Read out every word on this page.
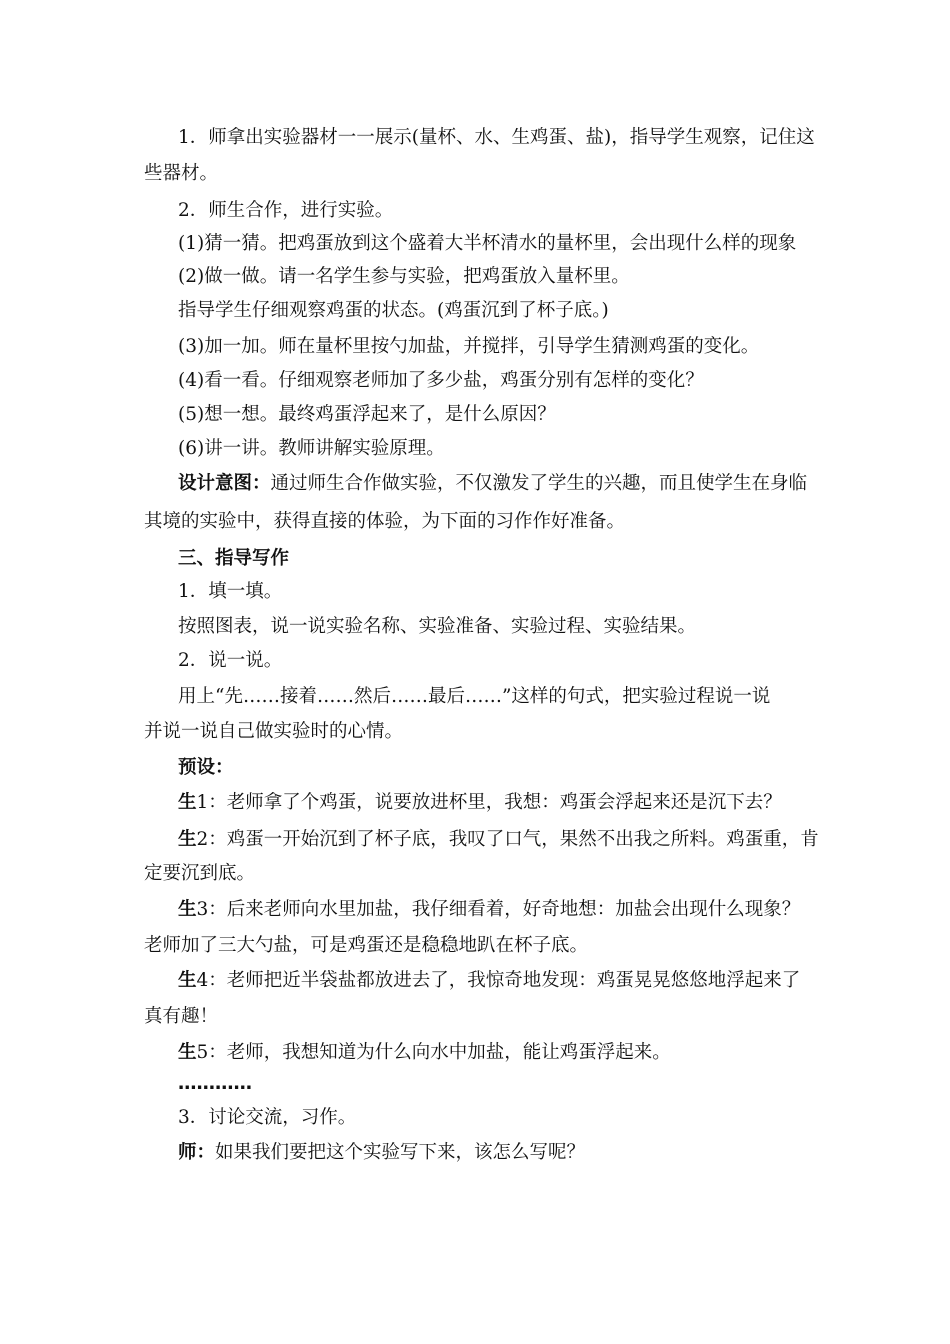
1．师拿出实验器材一一展示(量杯、水、生鸡蛋、盐)，指导学生观察，记住这
些器材。
2．师生合作，进行实验。
(1)猜一猜。把鸡蛋放到这个盛着大半杯清水的量杯里，会出现什么样的现象
(2)做一做。请一名学生参与实验，把鸡蛋放入量杯里。
指导学生仔细观察鸡蛋的状态。(鸡蛋沉到了杯子底。)
(3)加一加。师在量杯里按勺加盐，并搅拌，引导学生猜测鸡蛋的变化。
(4)看一看。仔细观察老师加了多少盐，鸡蛋分别有怎样的变化？
(5)想一想。最终鸡蛋浮起来了，是什么原因？
(6)讲一讲。教师讲解实验原理。
设计意图：通过师生合作做实验，不仅激发了学生的兴趣，而且使学生在身临
其境的实验中，获得直接的体验，为下面的习作作好准备。
三、指导写作
1．填一填。
按照图表，说一说实验名称、实验准备、实验过程、实验结果。
2．说一说。
用上“先……接着……然后……最后……”这样的句式，把实验过程说一说
并说一说自己做实验时的心情。
预设：
生1：老师拿了个鸡蛋，说要放进杯里，我想：鸡蛋会浮起来还是沉下去？
生2：鸡蛋一开始沉到了杯子底，我叹了口气，果然不出我之所料。鸡蛋重，肯
定要沉到底。
生3：后来老师向水里加盐，我仔细看着，好奇地想：加盐会出现什么现象？
老师加了三大勺盐，可是鸡蛋还是稳稳地趴在杯子底。
生4：老师把近半袋盐都放进去了，我惊奇地发现：鸡蛋晃晃悠悠地浮起来了
真有趣！
生5：老师，我想知道为什么向水中加盐，能让鸡蛋浮起来。
…………
3．讨论交流，习作。
师：如果我们要把这个实验写下来，该怎么写呢？
